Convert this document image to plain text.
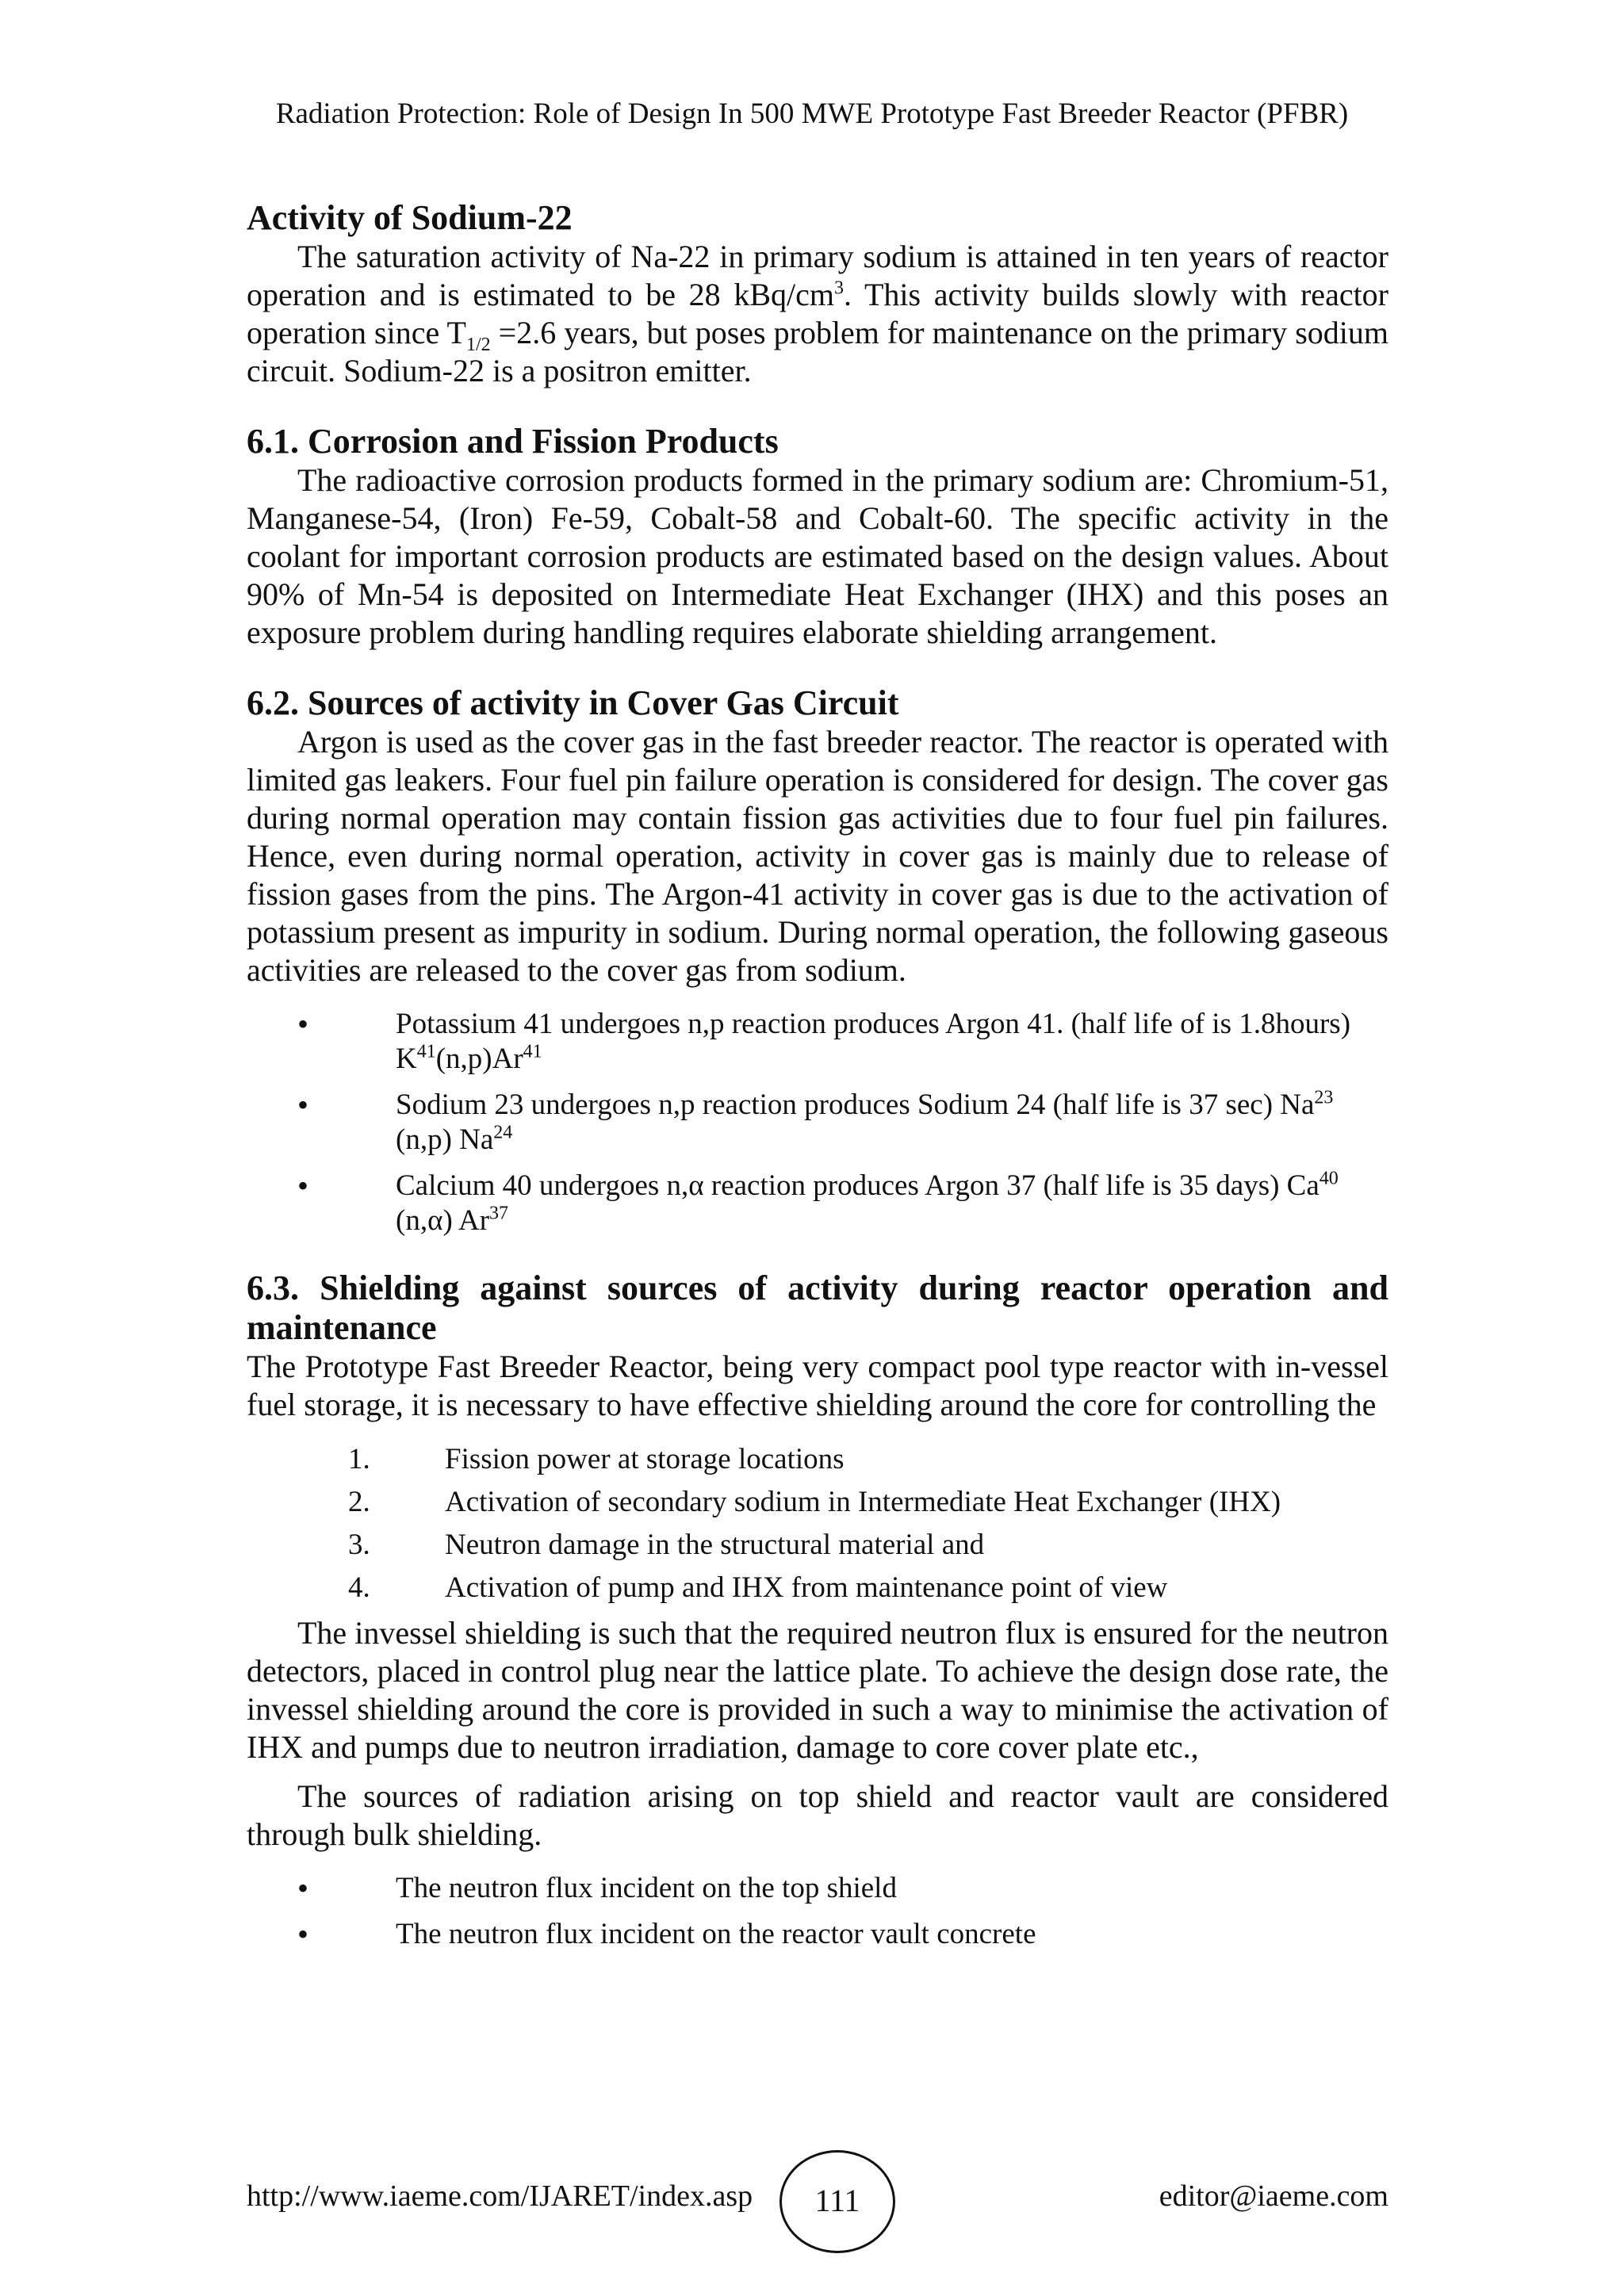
Radiation Protection: Role of Design In 500 MWE Prototype Fast Breeder Reactor (PFBR)
Activity of Sodium-22

The saturation activity of Na-22 in primary sodium is attained in ten years of reactor operation and is estimated to be 28 kBq/$cm^3$. This activity builds slowly with reactor operation since $T_{1/2} =2.6$ years, but poses problem for maintenance on the primary sodium circuit. Sodium-22 is a positron emitter.

6.1. Corrosion and Fission Products

The radioactive corrosion products formed in the primary sodium are: Chromium-51, Manganese-54, (Iron) Fe-59, Cobalt-58 and Cobalt-60. The specific activity in the coolant for important corrosion products are estimated based on the design values. About 90% of Mn-54 is deposited on Intermediate Heat Exchanger (IHX) and this poses an exposure problem during handling requires elaborate shielding arrangement.

6.2. Sources of activity in Cover Gas Circuit

Argon is used as the cover gas in the fast breeder reactor. The reactor is operated with limited gas leakers. Four fuel pin failure operation is considered for design. The cover gas during normal operation may contain fission gas activities due to four fuel pin failures. Hence, even during normal operation, activity in cover gas is mainly due to release of fission gases from the pins. The Argon-41 activity in cover gas is due to the activation of potassium present as impurity in sodium. During normal operation, the following gaseous activities are released to the cover gas from sodium.

•	Potassium 41 undergoes n,p reaction produces Argon 41. (half life of is 1.8hours) $K^{41}(n,p)Ar^{41}$
•	Sodium 23 undergoes n,p reaction produces Sodium 24 (half life is 37 sec) Na$^{23}$ (n,p) Na$^{24}$
•	Calcium 40 undergoes n,α reaction produces Argon 37 (half life is 35 days) Ca$^{40}$ (n,α) Ar$^{37}$
6.3. Shielding against sources of activity during reactor operation and maintenance

The Prototype Fast Breeder Reactor, being very compact pool type reactor with in-vessel fuel storage, it is necessary to have effective shielding around the core for controlling the

1.	Fission power at storage locations
2.	Activation of secondary sodium in Intermediate Heat Exchanger (IHX)
3.	Neutron damage in the structural material and
4.	Activation of pump and IHX from maintenance point of view

The invessel shielding is such that the required neutron flux is ensured for the neutron detectors, placed in control plug near the lattice plate. To achieve the design dose rate, the invessel shielding around the core is provided in such a way to minimise the activation of IHX and pumps due to neutron irradiation, damage to core cover plate etc.,

The sources of radiation arising on top shield and reactor vault are considered through bulk shielding.

•	The neutron flux incident on the top shield
•	The neutron flux incident on the reactor vault concrete
http://www.iaeme.com/IJARET/index.asp	111	editor@iaeme.com
